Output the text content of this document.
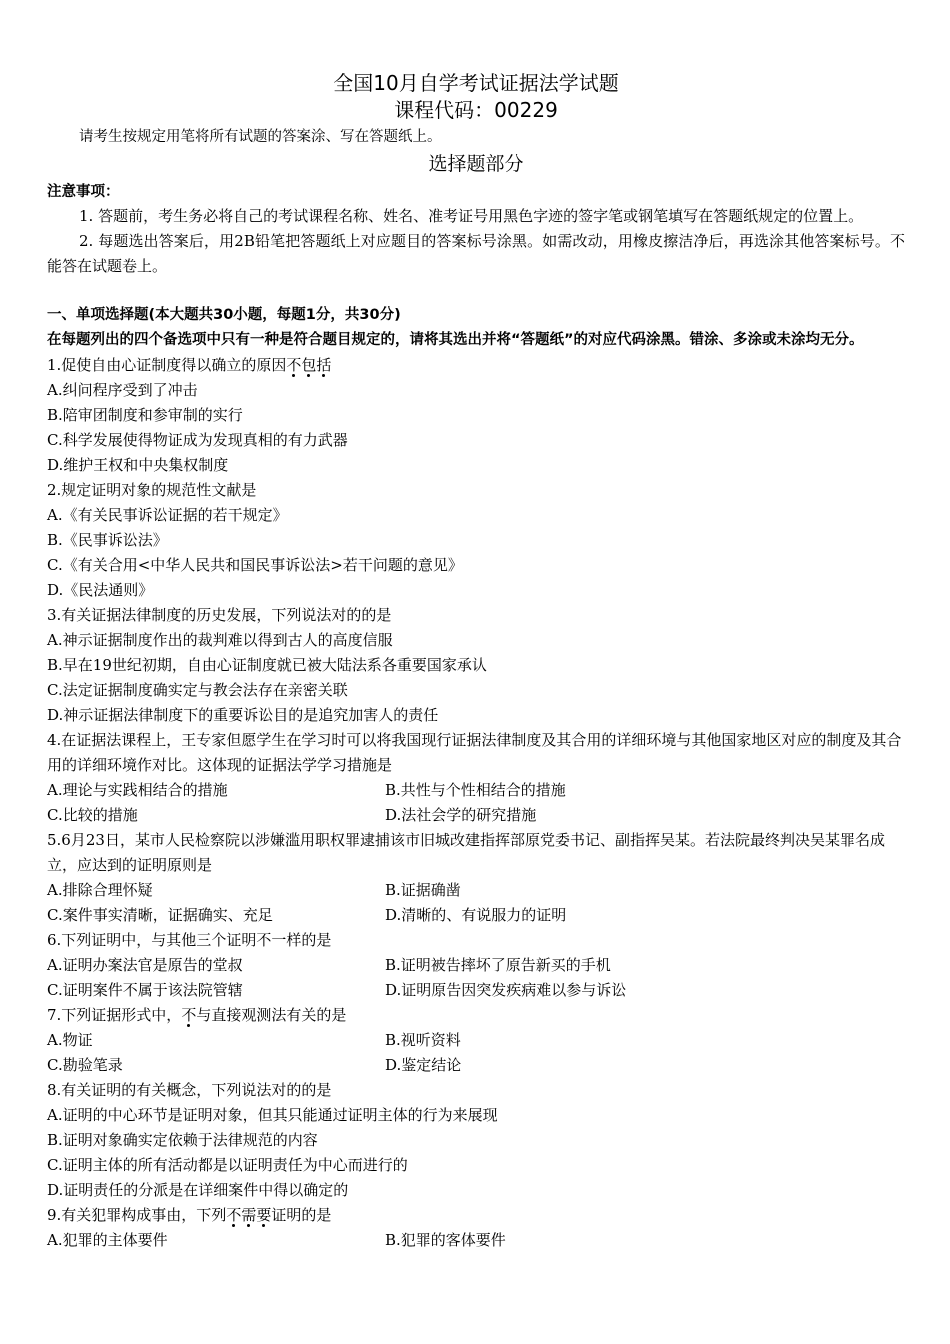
全国10月自学考试证据法学试题
课程代码：00229
请考生按规定用笔将所有试题的答案涂、写在答题纸上。
选择题部分
注意事项：
1. 答题前，考生务必将自己的考试课程名称、姓名、准考证号用黑色字迹的签字笔或钢笔填写在答题纸规定的位置上。
2. 每题选出答案后，用2B铅笔把答题纸上对应题目的答案标号涂黑。如需改动，用橡皮擦洁净后，再选涂其他答案标号。不能答在试题卷上。
一、单项选择题(本大题共30小题，每题1分，共30分)
在每题列出的四个备选项中只有一种是符合题目规定的，请将其选出并将“答题纸”的对应代码涂黑。错涂、多涂或未涂均无分。
1.促使自由心证制度得以确立的原因不包括
A.纠问程序受到了冲击
B.陪审团制度和参审制的实行
C.科学发展使得物证成为发现真相的有力武器
D.维护王权和中央集权制度
2.规定证明对象的规范性文献是
A.《有关民事诉讼证据的若干规定》
B.《民事诉讼法》
C.《有关合用<中华人民共和国民事诉讼法>若干问题的意见》
D.《民法通则》
3.有关证据法律制度的历史发展，下列说法对的的是
A.神示证据制度作出的裁判难以得到古人的高度信服
B.早在19世纪初期，自由心证制度就已被大陆法系各重要国家承认
C.法定证据制度确实定与教会法存在亲密关联
D.神示证据法律制度下的重要诉讼目的是追究加害人的责任
4.在证据法课程上，王专家但愿学生在学习时可以将我国现行证据法律制度及其合用的详细环境与其他国家地区对应的制度及其合用的详细环境作对比。这体现的证据法学学习措施是
A.理论与实践相结合的措施	B.共性与个性相结合的措施
C.比较的措施	D.法社会学的研究措施
5.6月23日，某市人民检察院以涉嫌滥用职权罪逮捕该市旧城改建指挥部原党委书记、副指挥吴某。若法院最终判决吴某罪名成立，应达到的证明原则是
A.排除合理怀疑	B.证据确凿
C.案件事实清晰，证据确实、充足	D.清晰的、有说服力的证明
6.下列证明中，与其他三个证明不一样的是
A.证明办案法官是原告的堂叔	B.证明被告摔坏了原告新买的手机
C.证明案件不属于该法院管辖	D.证明原告因突发疾病难以参与诉讼
7.下列证据形式中，不与直接观测法有关的是
A.物证	B.视听资料
C.勘验笔录	D.鉴定结论
8.有关证明的有关概念，下列说法对的的是
A.证明的中心环节是证明对象，但其只能通过证明主体的行为来展现
B.证明对象确实定依赖于法律规范的内容
C.证明主体的所有活动都是以证明责任为中心而进行的
D.证明责任的分派是在详细案件中得以确定的
9.有关犯罪构成事由，下列不需要证明的是
A.犯罪的主体要件	B.犯罪的客体要件
